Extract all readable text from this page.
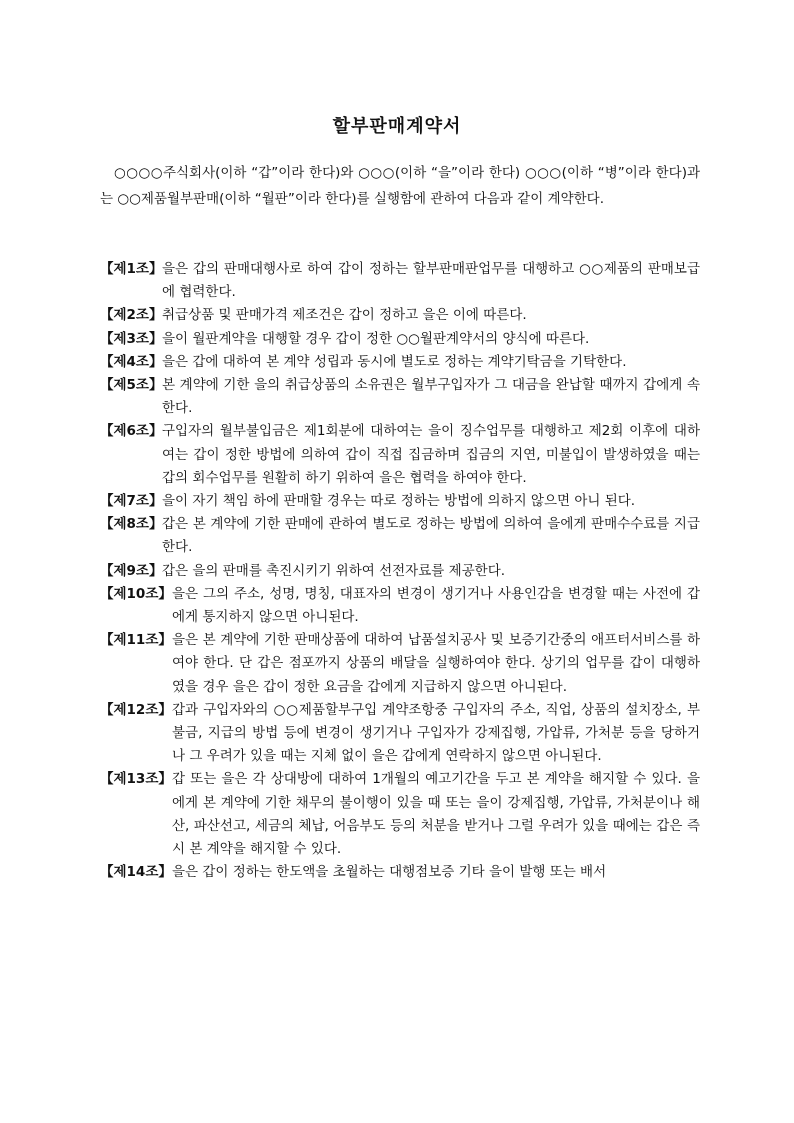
할부판매계약서

○○○○주식회사(이하 “갑”이라 한다)와 ○○○(이하 “을”이라 한다) ○○○(이하 “병”이라 한다)과는 ○○제품월부판매(이하 “월판”이라 한다)를 실행함에 관하여 다음과 같이 계약한다.

【제1조】 을은 갑의 판매대행사로 하여 갑이 정하는 할부판매판업무를 대행하고 ○○제품의 판매보급에 협력한다.
【제2조】 취급상품 및 판매가격 제조건은 갑이 정하고 을은 이에 따른다.
【제3조】 을이 월판계약을 대행할 경우 갑이 정한 ○○월판계약서의 양식에 따른다.
【제4조】 을은 갑에 대하여 본 계약 성립과 동시에 별도로 정하는 계약기탁금을 기탁한다.
【제5조】 본 계약에 기한 을의 취급상품의 소유권은 월부구입자가 그 대금을 완납할 때까지 갑에게 속한다.
【제6조】 구입자의 월부불입금은 제1회분에 대하여는 을이 징수업무를 대행하고 제2회 이후에 대하여는 갑이 정한 방법에 의하여 갑이 직접 집금하며 집금의 지연, 미불입이 발생하였을 때는 갑의 회수업무를 원활히 하기 위하여 을은 협력을 하여야 한다.
【제7조】 을이 자기 책임 하에 판매할 경우는 따로 정하는 방법에 의하지 않으면 아니 된다.
【제8조】 갑은 본 계약에 기한 판매에 관하여 별도로 정하는 방법에 의하여 을에게 판매수수료를 지급한다.
【제9조】 갑은 을의 판매를 촉진시키기 위하여 선전자료를 제공한다.
【제10조】 을은 그의 주소, 성명, 명칭, 대표자의 변경이 생기거나 사용인감을 변경할 때는 사전에 갑에게 통지하지 않으면 아니된다.
【제11조】 을은 본 계약에 기한 판매상품에 대하여 납품설치공사 및 보증기간중의 애프터서비스를 하여야 한다. 단 갑은 점포까지 상품의 배달을 실행하여야 한다. 상기의 업무를 갑이 대행하였을 경우 을은 갑이 정한 요금을 갑에게 지급하지 않으면 아니된다.
【제12조】 갑과 구입자와의 ○○제품할부구입 계약조항중 구입자의 주소, 직업, 상품의 설치장소, 부불금, 지급의 방법 등에 변경이 생기거나 구입자가 강제집행, 가압류, 가처분 등을 당하거나 그 우려가 있을 때는 지체 없이 을은 갑에게 연락하지 않으면 아니된다.
【제13조】 갑 또는 을은 각 상대방에 대하여 1개월의 예고기간을 두고 본 계약을 해지할 수 있다. 을에게 본 계약에 기한 채무의 불이행이 있을 때 또는 을이 강제집행, 가압류, 가처분이나 해산, 파산선고, 세금의 체납, 어음부도 등의 처분을 받거나 그럴 우려가 있을 때에는 갑은 즉시 본 계약을 해지할 수 있다.
【제14조】 을은 갑이 정하는 한도액을 초월하는 대행점보증 기타 을이 발행 또는 배서
